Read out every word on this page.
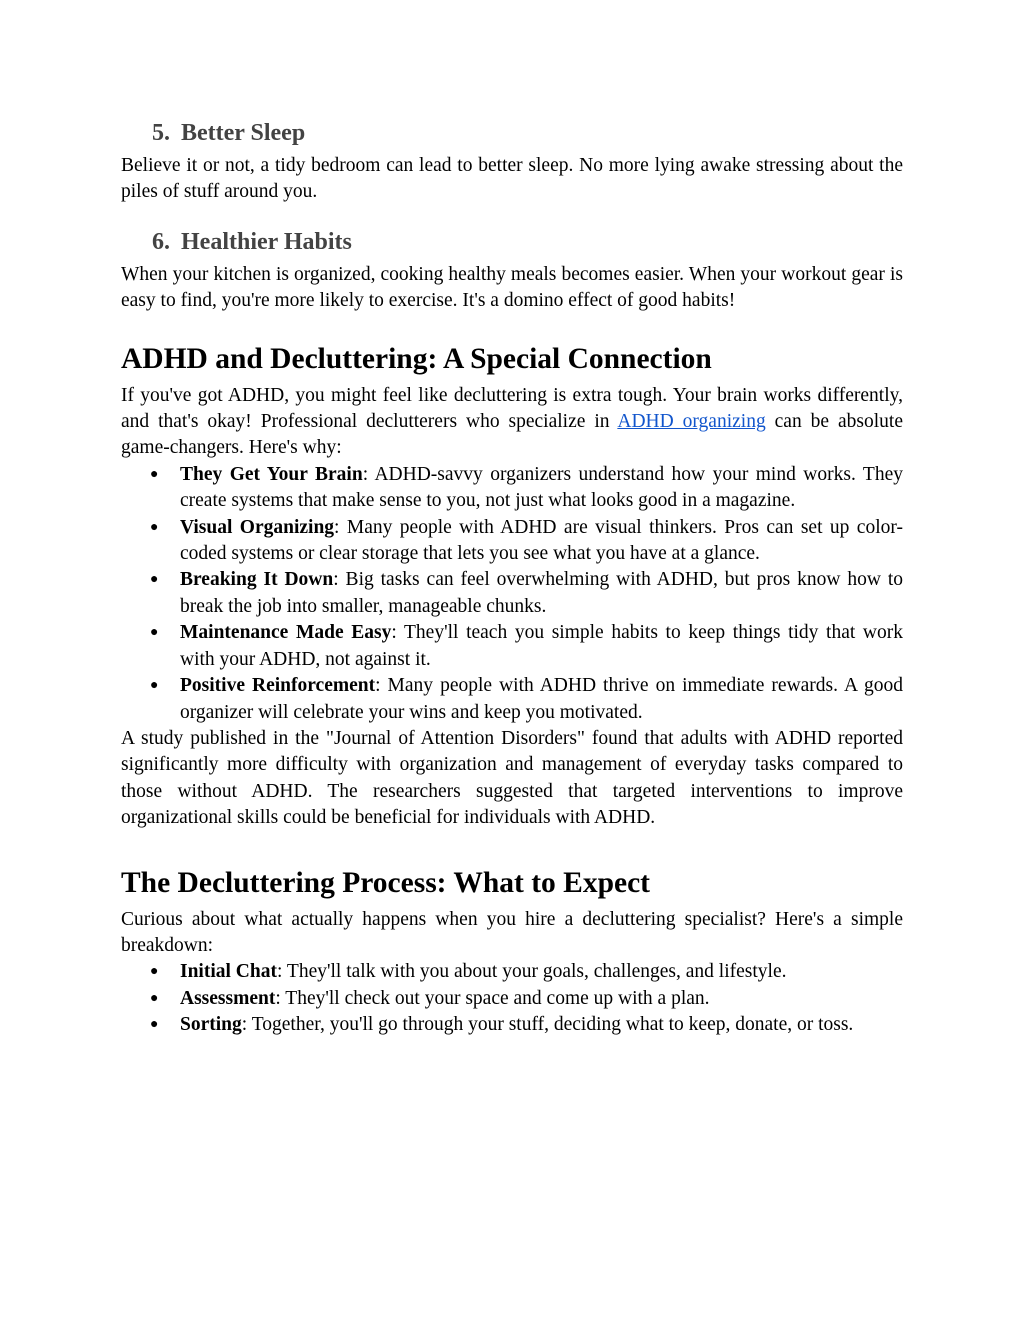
5. Better Sleep

Believe it or not, a tidy bedroom can lead to better sleep. No more lying awake stressing about the piles of stuff around you.

6. Healthier Habits

When your kitchen is organized, cooking healthy meals becomes easier. When your workout gear is easy to find, you're more likely to exercise. It's a domino effect of good habits!

ADHD and Decluttering: A Special Connection

If you've got ADHD, you might feel like decluttering is extra tough. Your brain works differently, and that's okay! Professional declutterers who specialize in ADHD organizing can be absolute game-changers. Here's why:

●	They Get Your Brain: ADHD-savvy organizers understand how your mind works. They create systems that make sense to you, not just what looks good in a magazine.
●	Visual Organizing: Many people with ADHD are visual thinkers. Pros can set up color-coded systems or clear storage that lets you see what you have at a glance.
●	Breaking It Down: Big tasks can feel overwhelming with ADHD, but pros know how to break the job into smaller, manageable chunks.
●	Maintenance Made Easy: They'll teach you simple habits to keep things tidy that work with your ADHD, not against it.
●	Positive Reinforcement: Many people with ADHD thrive on immediate rewards. A good organizer will celebrate your wins and keep you motivated.

A study published in the "Journal of Attention Disorders" found that adults with ADHD reported significantly more difficulty with organization and management of everyday tasks compared to those without ADHD. The researchers suggested that targeted interventions to improve organizational skills could be beneficial for individuals with ADHD.

The Decluttering Process: What to Expect

Curious about what actually happens when you hire a decluttering specialist? Here's a simple breakdown:

●	Initial Chat: They'll talk with you about your goals, challenges, and lifestyle.
●	Assessment: They'll check out your space and come up with a plan.
●	Sorting: Together, you'll go through your stuff, deciding what to keep, donate, or toss.
